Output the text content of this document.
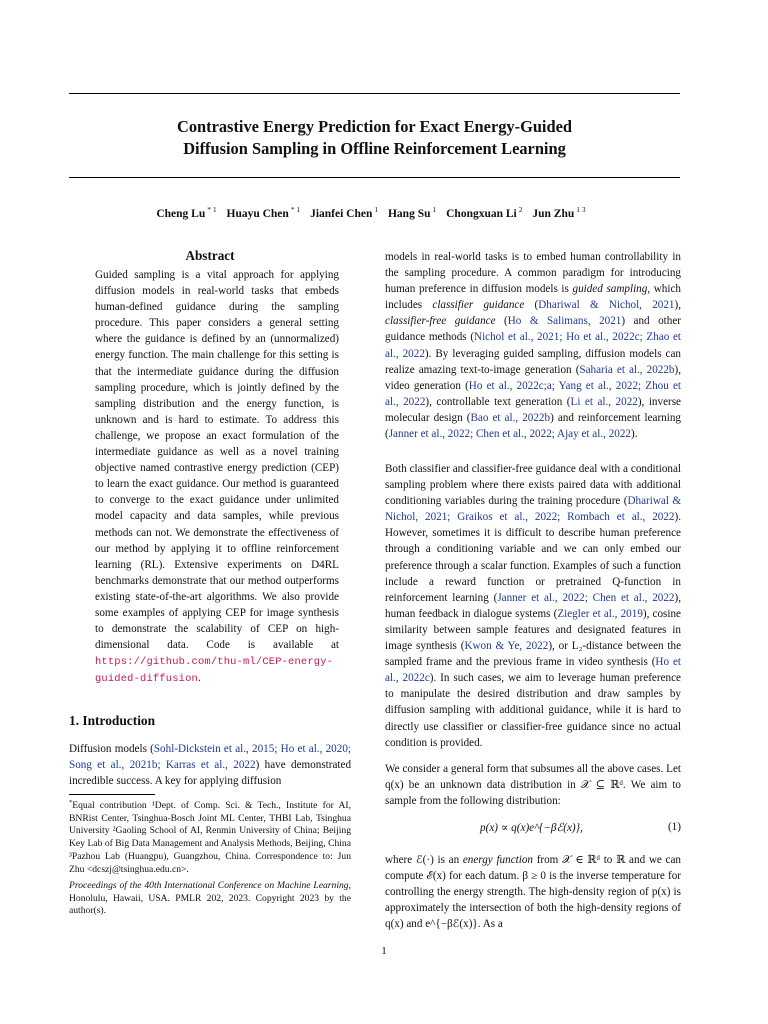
Contrastive Energy Prediction for Exact Energy-Guided
Diffusion Sampling in Offline Reinforcement Learning
Cheng Lu $^{* 1}$ Huayu Chen $^{* 1}$ Jianfei Chen $^1$ Hang Su $^1$ Chongxuan Li $^2$ Jun Zhu $^{1 3}$
Abstract
Guided sampling is a vital approach for applying diffusion models in real-world tasks that embeds human-defined guidance during the sampling procedure. This paper considers a general setting where the guidance is defined by an (unnormalized) energy function. The main challenge for this setting is that the intermediate guidance during the diffusion sampling procedure, which is jointly defined by the sampling distribution and the energy function, is unknown and is hard to estimate. To address this challenge, we propose an exact formulation of the intermediate guidance as well as a novel training objective named contrastive energy prediction (CEP) to learn the exact guidance. Our method is guaranteed to converge to the exact guidance under unlimited model capacity and data samples, while previous methods can not. We demonstrate the effectiveness of our method by applying it to offline reinforcement learning (RL). Extensive experiments on D4RL benchmarks demonstrate that our method outperforms existing state-of-the-art algorithms. We also provide some examples of applying CEP for image synthesis to demonstrate the scalability of CEP on high-dimensional data. Code is available at https://github.com/thu-ml/CEP-energy-guided-diffusion.
1. Introduction
Diffusion models (Sohl-Dickstein et al., 2015; Ho et al., 2020; Song et al., 2021b; Karras et al., 2022) have demonstrated incredible success. A key for applying diffusion
*Equal contribution ¹Dept. of Comp. Sci. & Tech., Institute for AI, BNRist Center, Tsinghua-Bosch Joint ML Center, THBI Lab, Tsinghua University ²Gaoling School of AI, Renmin University of China; Beijing Key Lab of Big Data Management and Analysis Methods, Beijing, China ³Pazhou Lab (Huangpu), Guangzhou, China. Correspondence to: Jun Zhu <dcszj@tsinghua.edu.cn>.
Proceedings of the 40th International Conference on Machine Learning, Honolulu, Hawaii, USA. PMLR 202, 2023. Copyright 2023 by the author(s).
models in real-world tasks is to embed human controllability in the sampling procedure. A common paradigm for introducing human preference in diffusion models is guided sampling, which includes classifier guidance (Dhariwal & Nichol, 2021), classifier-free guidance (Ho & Salimans, 2021) and other guidance methods (Nichol et al., 2021; Ho et al., 2022c; Zhao et al., 2022). By leveraging guided sampling, diffusion models can realize amazing text-to-image generation (Saharia et al., 2022b), video generation (Ho et al., 2022c;a; Yang et al., 2022; Zhou et al., 2022), controllable text generation (Li et al., 2022), inverse molecular design (Bao et al., 2022b) and reinforcement learning (Janner et al., 2022; Chen et al., 2022; Ajay et al., 2022).
Both classifier and classifier-free guidance deal with a conditional sampling problem where there exists paired data with additional conditioning variables during the training procedure (Dhariwal & Nichol, 2021; Graikos et al., 2022; Rombach et al., 2022). However, sometimes it is difficult to describe human preference through a conditioning variable and we can only embed our preference through a scalar function. Examples of such a function include a reward function or pretrained Q-function in reinforcement learning (Janner et al., 2022; Chen et al., 2022), human feedback in dialogue systems (Ziegler et al., 2019), cosine similarity between sample features and designated features in image synthesis (Kwon & Ye, 2022), or L₂-distance between the sampled frame and the previous frame in video synthesis (Ho et al., 2022c). In such cases, we aim to leverage human preference to manipulate the desired distribution and draw samples by diffusion sampling with additional guidance, while it is hard to directly use classifier or classifier-free guidance since no actual condition is provided.
We consider a general form that subsumes all the above cases. Let q(x) be an unknown data distribution in 𝒳 ⊆ ℝᵈ. We aim to sample from the following distribution:
p(x) ∝ q(x)e^{−βℰ(x)},	(1)
where ℰ(·) is an energy function from 𝒳 ∈ ℝᵈ to ℝ and we can compute ℰ(x) for each datum. β ≥ 0 is the inverse temperature for controlling the energy strength. The high-density region of p(x) is approximately the intersection of both the high-density regions of q(x) and e^{−βℰ(x)}. As a
1
